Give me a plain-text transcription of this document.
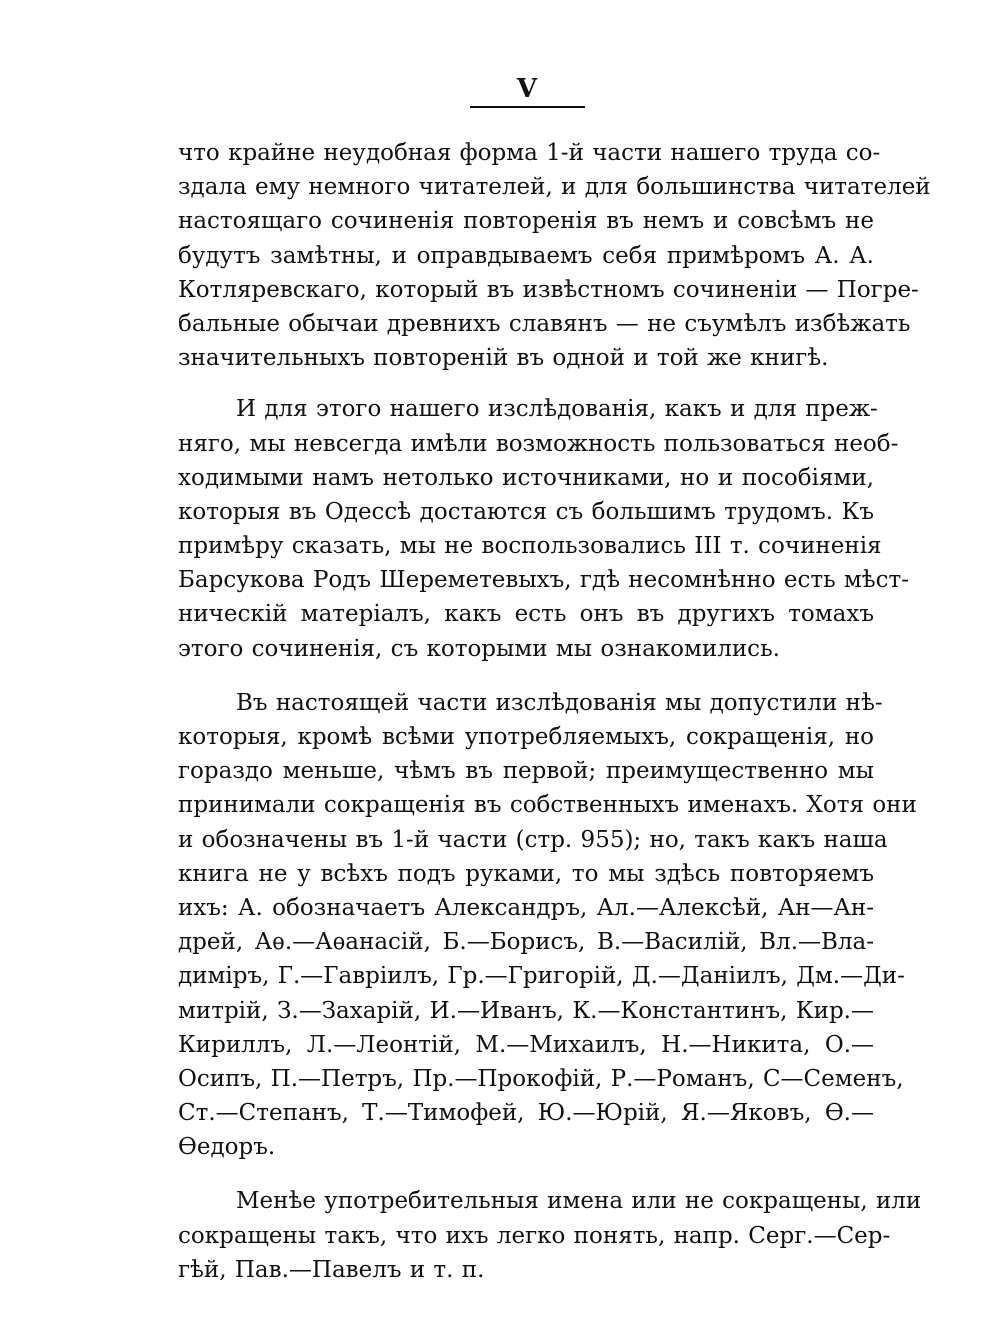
V

что крайне неудобная форма 1-й части нашего труда со-
здала ему немного читателей, и для большинства читателей
настоящаго сочиненія повторенія въ немъ и совсѣмъ не
будутъ замѣтны, и оправдываемъ себя примѣромъ А. А.
Котляревскаго, который въ извѣстномъ сочиненіи — Погре-
бальные обычаи древнихъ славянъ — не съумѣлъ избѣжать
значительныхъ повтореній въ одной и той же книгѣ.

И для этого нашего изслѣдованія, какъ и для преж-
няго, мы невсегда имѣли возможность пользоваться необ-
ходимыми намъ нетолько источниками, но и пособіями,
которыя въ Одессѣ достаются съ большимъ трудомъ. Къ
примѣру сказать, мы не воспользовались III т. сочиненія
Барсукова Родъ Шереметевыхъ, гдѣ несомнѣнно есть мѣст-
ническій матеріалъ, какъ есть онъ въ другихъ томахъ
этого сочиненія, съ которыми мы ознакомились.

Въ настоящей части изслѣдованія мы допустили нѣ-
которыя, кромѣ всѣми употребляемыхъ, сокращенія, но
гораздо меньше, чѣмъ въ первой; преимущественно мы
принимали сокращенія въ собственныхъ именахъ. Хотя они
и обозначены въ 1-й части (стр. 955); но, такъ какъ наша
книга не у всѣхъ подъ руками, то мы здѣсь повторяемъ
ихъ: А. обозначаетъ Александръ, Ал.—Алексѣй, Ан—Ан-
дрей, Аѳ.—Аѳанасій, Б.—Борисъ, В.—Василій, Вл.—Вла-
диміръ, Г.—Гавріилъ, Гр.—Григорій, Д.—Даніилъ, Дм.—Ди-
митрій, З.—Захарій, И.—Иванъ, К.—Константинъ, Кир.—
Кириллъ, Л.—Леонтій, М.—Михаилъ, Н.—Никита, О.—
Осипъ, П.—Петръ, Пр.—Прокофій, Р.—Романъ, С—Семенъ,
Ст.—Степанъ, Т.—Тимофей, Ю.—Юрій, Я.—Яковъ, Ѳ.—
Ѳедоръ.

Менѣе употребительныя имена или не сокращены, или
сокращены такъ, что ихъ легко понять, напр. Серг.—Сер-
гѣй, Пав.—Павелъ и т. п.
